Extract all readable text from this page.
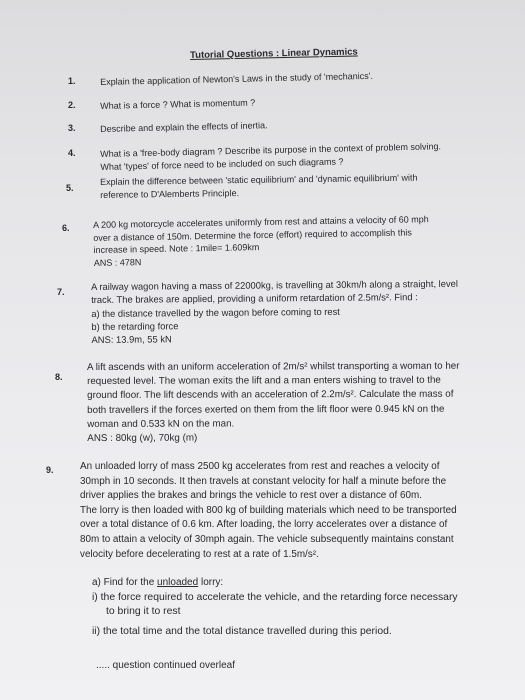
Tutorial Questions : Linear Dynamics
1.	Explain the application of Newton's Laws in the study of 'mechanics'.
2.	What is a force ? What is momentum ?
3.	Describe and explain the effects of inertia.
4.	What is a 'free-body diagram ? Describe its purpose in the context of problem solving.
What 'types' of force need to be included on such diagrams ?
5.
Explain the difference between 'static equilibrium' and 'dynamic equilibrium' with
reference to D'Alemberts Principle.
6.	A 200 kg motorcycle accelerates uniformly from rest and attains a velocity of 60 mph
over a distance of 150m. Determine the force (effort) required to accomplish this
increase in speed. Note : 1mile= 1.609km
ANS : 478N
7.
A railway wagon having a mass of 22000kg, is travelling at 30km/h along a straight, level
track. The brakes are applied, providing a uniform retardation of 2.5m/s². Find :
a) the distance travelled by the wagon before coming to rest
b) the retarding force
ANS: 13.9m, 55 kN
8.
A lift ascends with an uniform acceleration of 2m/s² whilst transporting a woman to her
requested level. The woman exits the lift and a man enters wishing to travel to the
ground floor. The lift descends with an acceleration of 2.2m/s². Calculate the mass of
both travellers if the forces exerted on them from the lift floor were 0.945 kN on the
woman and 0.533 kN on the man.
ANS : 80kg (w), 70kg (m)
9.	An unloaded lorry of mass 2500 kg accelerates from rest and reaches a velocity of
30mph in 10 seconds. It then travels at constant velocity for half a minute before the
driver applies the brakes and brings the vehicle to rest over a distance of 60m.
The lorry is then loaded with 800 kg of building materials which need to be transported
over a total distance of 0.6 km. After loading, the lorry accelerates over a distance of
80m to attain a velocity of 30mph again. The vehicle subsequently maintains constant
velocity before decelerating to rest at a rate of 1.5m/s².
a) Find for the unloaded lorry:
i) the force required to accelerate the vehicle, and the retarding force necessary
to bring it to rest
ii) the total time and the total distance travelled during this period.
..... question continued overleaf
